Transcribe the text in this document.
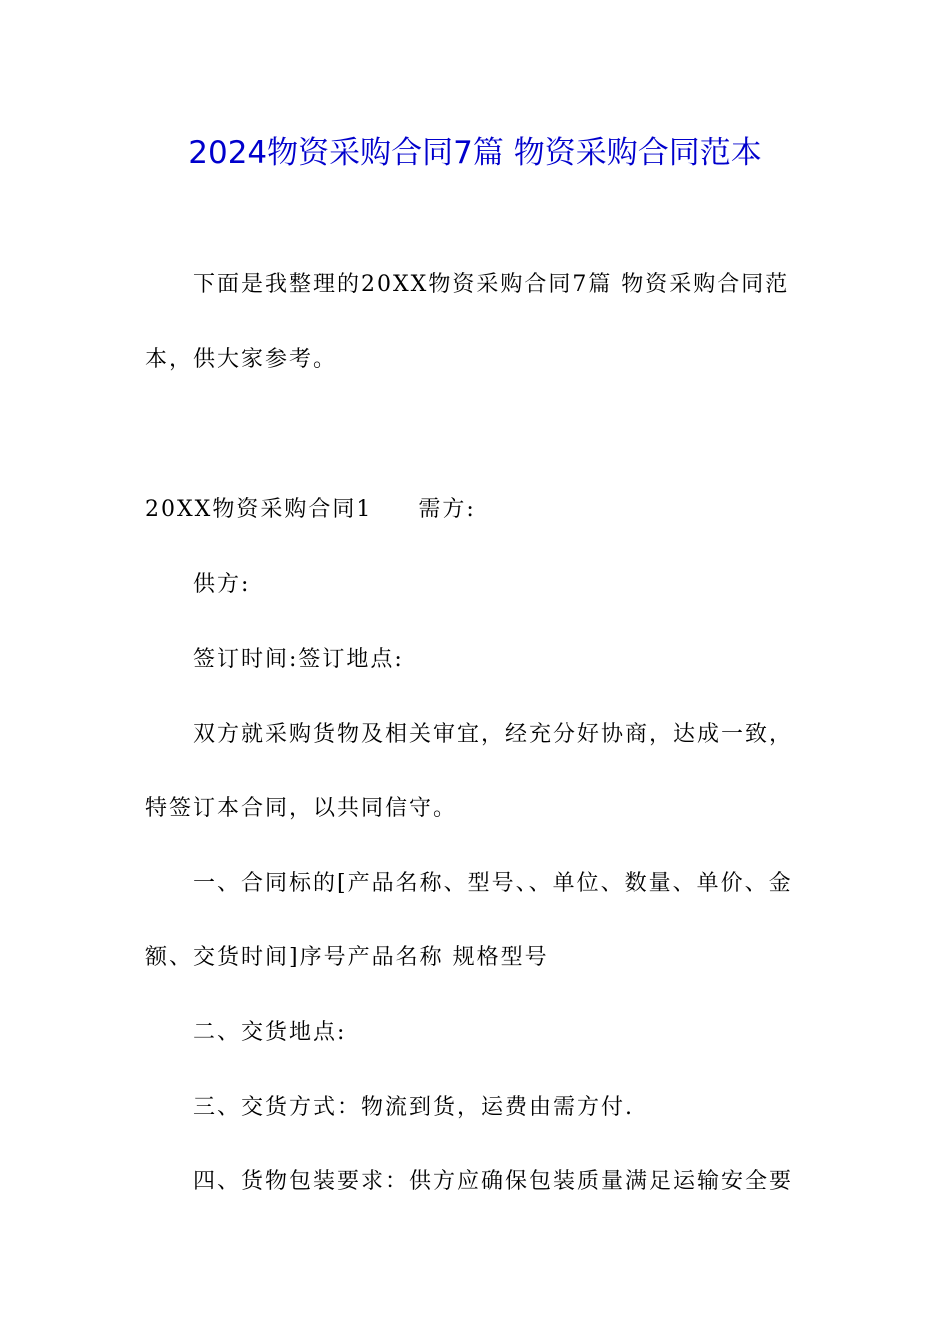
2024物资采购合同7篇 物资采购合同范本
下面是我整理的20XX物资采购合同7篇 物资采购合同范
本，供大家参考。
20XX物资采购合同1 需方:
供方:
签订时间:签订地点:
双方就采购货物及相关审宜，经充分好协商，达成一致，
特签订本合同，以共同信守。
一、合同标的[产品名称、型号、、单位、数量、单价、金
额、交货时间]序号产品名称 规格型号
二、交货地点:
三、交货方式：物流到货，运费由需方付.
四、货物包装要求：供方应确保包装质量满足运输安全要
